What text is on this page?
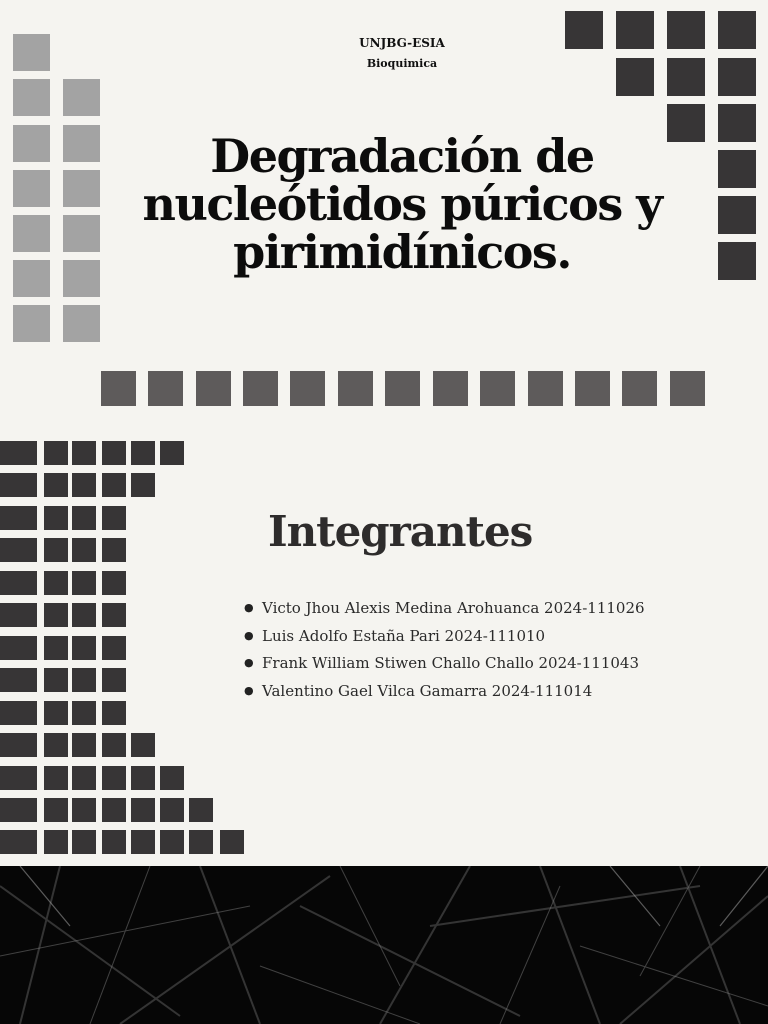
UNJBG-ESIA
Bioquimica
Degradación de nucleótidos púricos y pirimidínicos.
Integrantes
● Victo Jhou Alexis Medina Arohuanca 2024-111026
● Luis Adolfo Estaña Pari 2024-111010
● Frank William Stiwen Challo Challo 2024-111043
● Valentino Gael Vilca Gamarra 2024-111014
